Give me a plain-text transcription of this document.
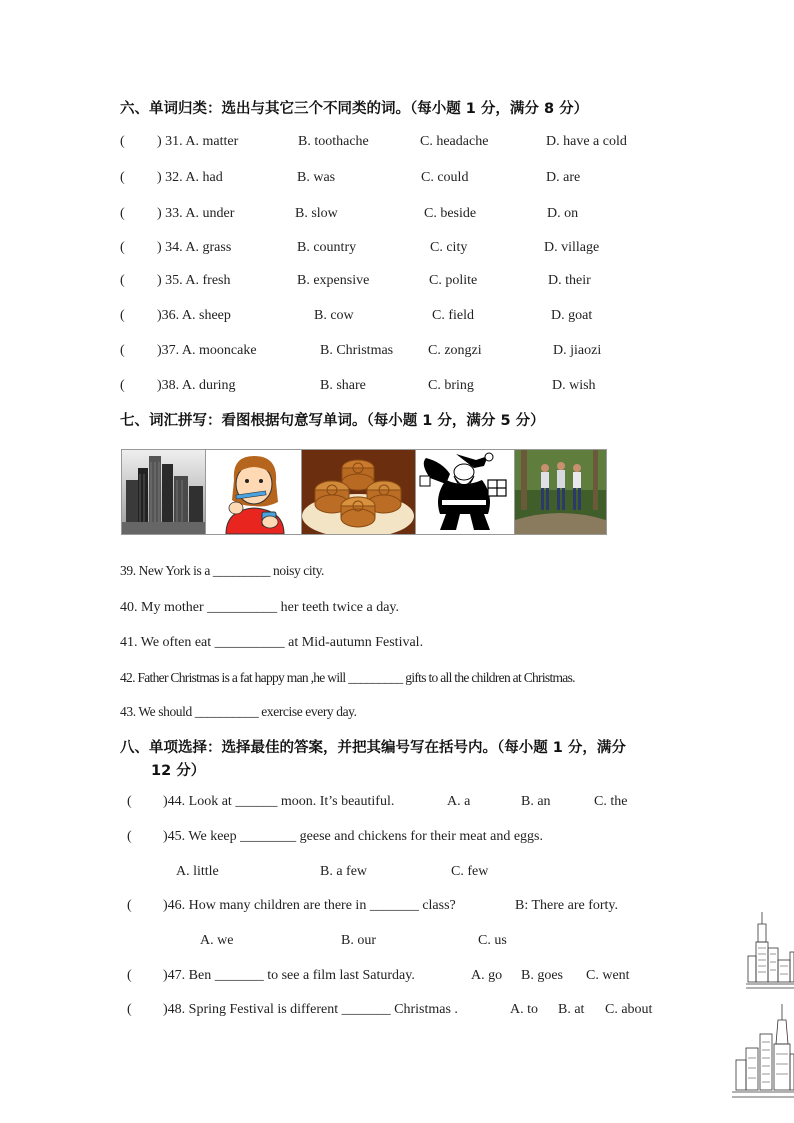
六、单词归类：选出与其它三个不同类的词。（每小题 1 分，满分 8 分）
( ) 31. A. matter	B. toothache	C. headache	D. have a cold
( ) 32. A. had	B. was	C. could	D. are
( ) 33. A. under	B. slow	C. beside	D. on
( ) 34. A. grass	B. country	C. city	D. village
( ) 35. A. fresh	B. expensive	C. polite	D. their
( )36. A. sheep	B. cow	C. field	D. goat
( )37. A. mooncake	B. Christmas C. zongzi	D. jiaozi
( )38. A. during	B. share	C. bring	D. wish
七、词汇拼写：看图根据句意写单词。（每小题 1 分，满分 5 分）
39. New York is a _________ noisy city.
40. My mother __________ her teeth twice a day.
41. We often eat __________ at Mid-autumn Festival.
42. Father Christmas is a fat happy man ,he will _________ gifts to all the children at Christmas.
43. We should __________ exercise every day.
八、单项选择：选择最佳的答案，并把其编号写在括号内。（每小题 1 分，满分
12 分）
( )44. Look at ______ moon. It’s beautiful.	A. a	B. an	C. the
( )45. We keep ________ geese and chickens for their meat and eggs.
A. little	B. a few	C. few
( )46. How many children are there in _______ class?	B: There are forty.
A. we	B. our	C. us
( )47. Ben _______ to see a film last Saturday.	A. go B. goes C. went
( )48. Spring Festival is different _______ Christmas .	A. to B. at C. about
